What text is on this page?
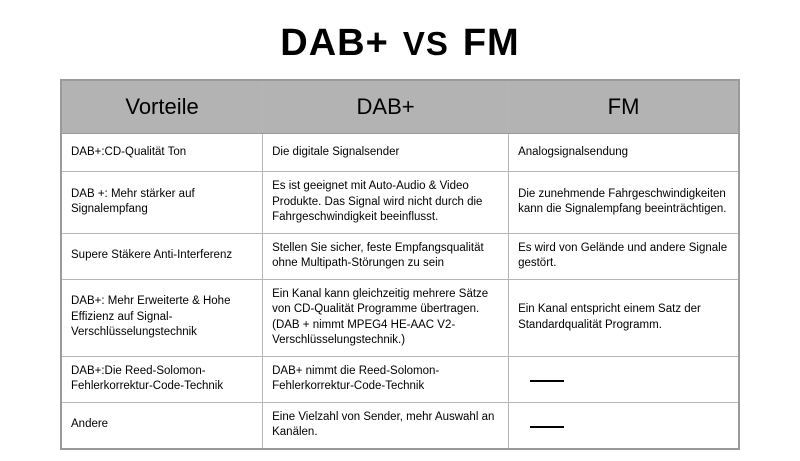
DAB+ VS FM
Vorteile	DAB+	FM
DAB+:CD-Qualität Ton	Die digitale Signalsender	Analogsignalsendung
DAB +: Mehr stärker auf Signalempfang	Es ist geeignet mit Auto-Audio & Video Produkte. Das Signal wird nicht durch die Fahrgeschwindigkeit beeinflusst.	Die zunehmende Fahrgeschwindigkeiten kann die Signalempfang beeinträchtigen.
Supere Stäkere Anti-Interferenz	Stellen Sie sicher, feste Empfangsqualität ohne Multipath-Störungen zu sein	Es wird von Gelände und andere Signale gestört.
DAB+: Mehr Erweiterte & Hohe Effizienz auf Signal-Verschlüsselungstechnik	Ein Kanal kann gleichzeitig mehrere Sätze von CD-Qualität Programme übertragen.(DAB + nimmt MPEG4 HE-AAC V2-Verschlüsselungstechnik.)	Ein Kanal entspricht einem Satz der Standardqualität Programm.
DAB+:Die Reed-Solomon-Fehlerkorrektur-Code-Technik	DAB+ nimmt die Reed-Solomon-Fehlerkorrektur-Code-Technik	
Andere	Eine Vielzahl von Sender, mehr Auswahl an Kanälen.	
